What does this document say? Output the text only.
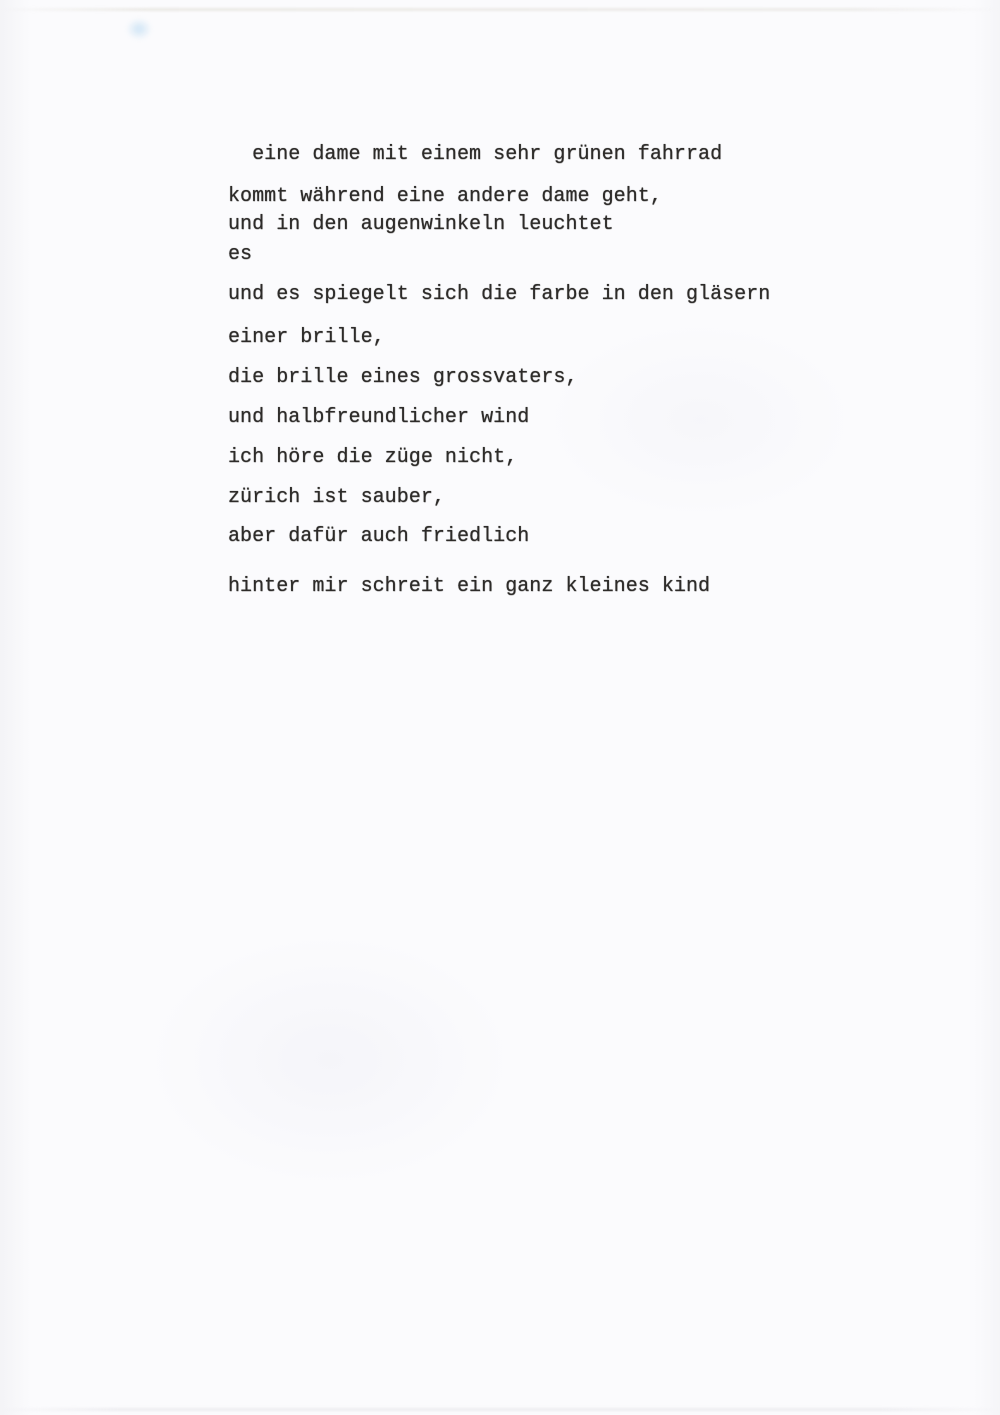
eine dame mit einem sehr grünen fahrrad
kommt während eine andere dame geht,
und in den augenwinkeln leuchtet
es
und es spiegelt sich die farbe in den gläsern
einer brille,
die brille eines grossvaters,
und halbfreundlicher wind
ich höre die züge nicht,
zürich ist sauber,
aber dafür auch friedlich
hinter mir schreit ein ganz kleines kind
